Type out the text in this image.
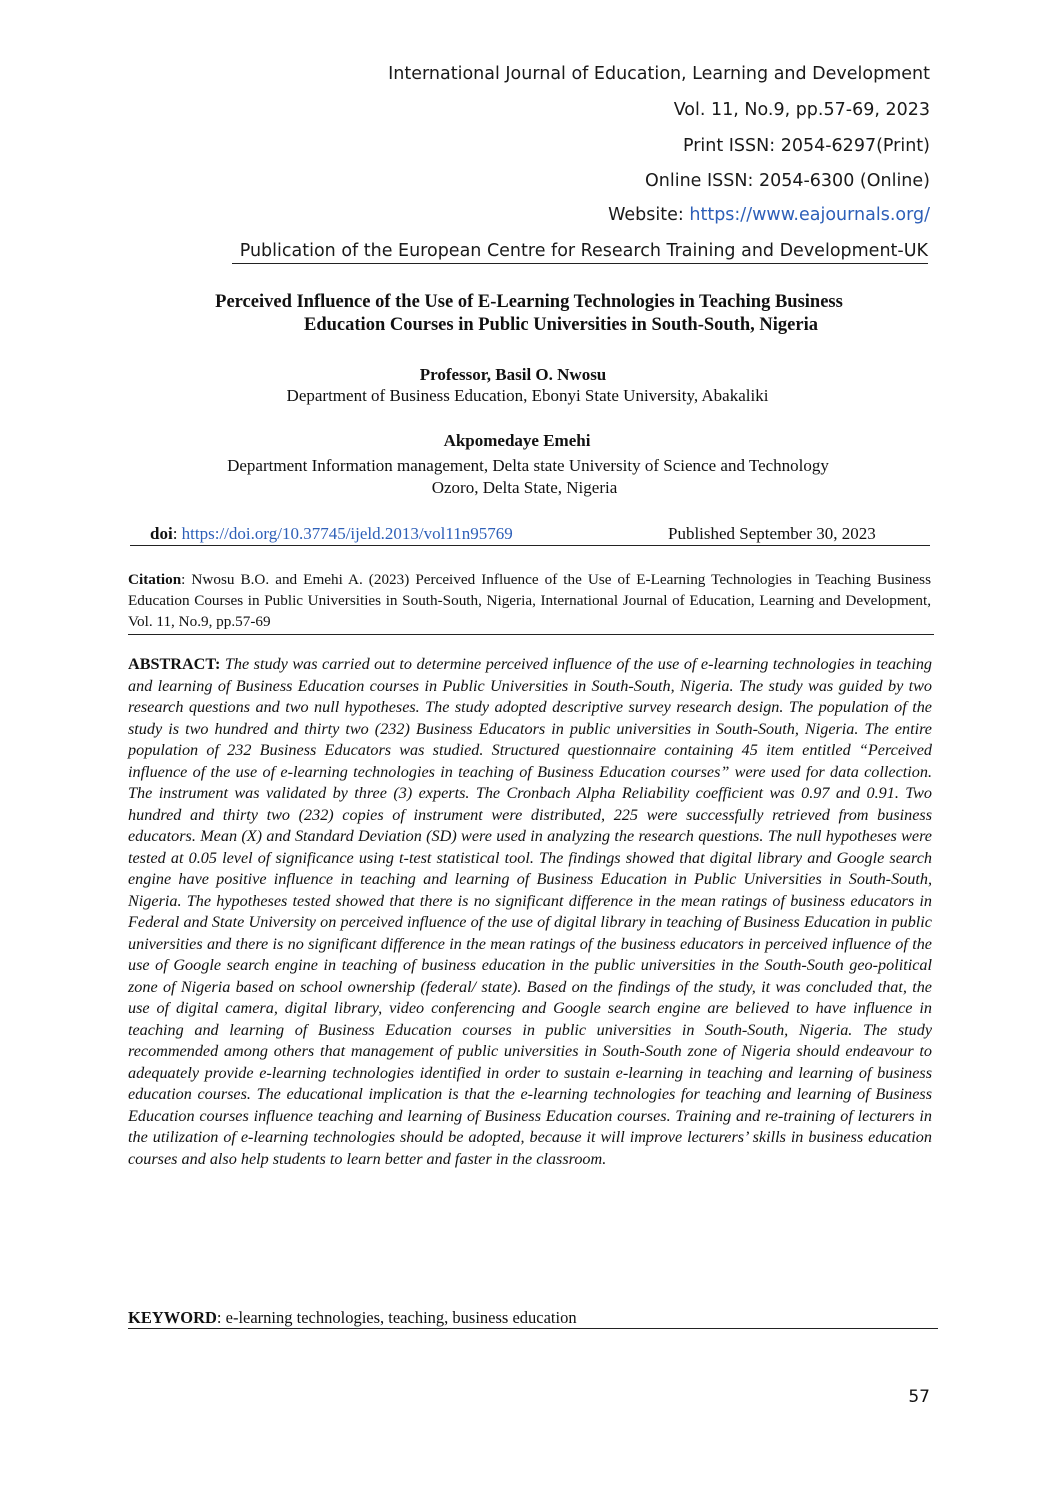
International Journal of Education, Learning and Development
Vol. 11, No.9, pp.57-69, 2023
Print ISSN: 2054-6297(Print)
Online ISSN: 2054-6300 (Online)
Website: https://www.eajournals.org/
Publication of the European Centre for Research Training and Development-UK
Perceived Influence of the Use of E-Learning Technologies in Teaching Business
Education Courses in Public Universities in South-South, Nigeria
Professor, Basil O. Nwosu
Department of Business Education, Ebonyi State University, Abakaliki
Akpomedaye Emehi
Department Information management, Delta state University of Science and Technology
Ozoro, Delta State, Nigeria
doi: https://doi.org/10.37745/ijeld.2013/vol11n95769	Published September 30, 2023
Citation: Nwosu B.O. and Emehi A. (2023) Perceived Influence of the Use of E-Learning Technologies in Teaching Business Education Courses in Public Universities in South-South, Nigeria, International Journal of Education, Learning and Development, Vol. 11, No.9, pp.57-69
ABSTRACT: The study was carried out to determine perceived influence of the use of e-learning technologies in teaching and learning of Business Education courses in Public Universities in South-South, Nigeria. The study was guided by two research questions and two null hypotheses. The study adopted descriptive survey research design. The population of the study is two hundred and thirty two (232) Business Educators in public universities in South-South, Nigeria. The entire population of 232 Business Educators was studied. Structured questionnaire containing 45 item entitled “Perceived influence of the use of e-learning technologies in teaching of Business Education courses” were used for data collection. The instrument was validated by three (3) experts. The Cronbach Alpha Reliability coefficient was 0.97 and 0.91. Two hundred and thirty two (232) copies of instrument were distributed, 225 were successfully retrieved from business educators. Mean (X) and Standard Deviation (SD) were used in analyzing the research questions. The null hypotheses were tested at 0.05 level of significance using t-test statistical tool. The findings showed that digital library and Google search engine have positive influence in teaching and learning of Business Education in Public Universities in South-South, Nigeria. The hypotheses tested showed that there is no significant difference in the mean ratings of business educators in Federal and State University on perceived influence of the use of digital library in teaching of Business Education in public universities and there is no significant difference in the mean ratings of the business educators in perceived influence of the use of Google search engine in teaching of business education in the public universities in the South-South geo-political zone of Nigeria based on school ownership (federal/ state). Based on the findings of the study, it was concluded that, the use of digital camera, digital library, video conferencing and Google search engine are believed to have influence in teaching and learning of Business Education courses in public universities in South-South, Nigeria. The study recommended among others that management of public universities in South-South zone of Nigeria should endeavour to adequately provide e-learning technologies identified in order to sustain e-learning in teaching and learning of business education courses. The educational implication is that the e-learning technologies for teaching and learning of Business Education courses influence teaching and learning of Business Education courses. Training and re-training of lecturers in the utilization of e-learning technologies should be adopted, because it will improve lecturers’ skills in business education courses and also help students to learn better and faster in the classroom.
KEYWORD: e-learning technologies, teaching, business education
57
